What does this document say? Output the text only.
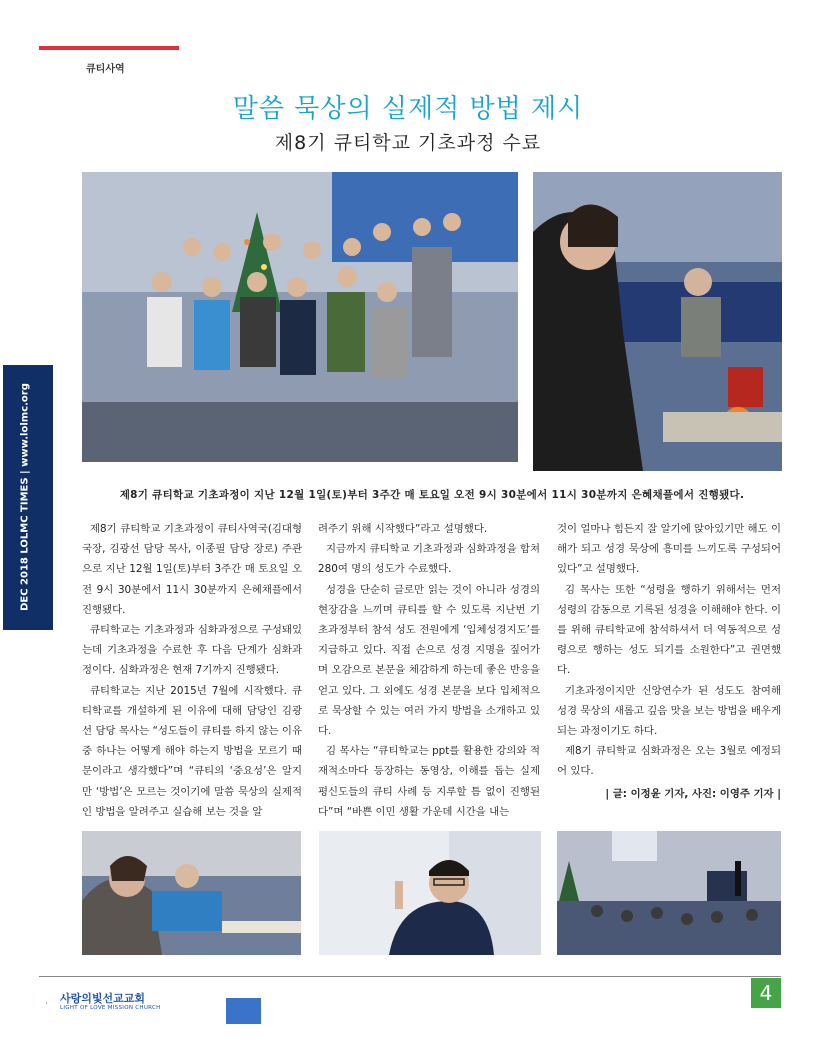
큐티사역
말씀 묵상의 실제적 방법 제시
제8기 큐티학교 기초과정 수료
제8기 큐티학교 기초과정이 지난 12월 1일(토)부터 3주간 매 토요일 오전 9시 30분에서 11시 30분까지 은혜채플에서 진행됐다.

제8기 큐티학교 기초과정이 큐티사역국(김대형 국장, 김광선 담당 목사, 이종필 담당 장로) 주관으로 지난 12월 1일(토)부터 3주간 매 토요일 오전 9시 30분에서 11시 30분까지 은혜채플에서 진행됐다.

큐티학교는 기초과정과 심화과정으로 구성돼있는데 기초과정을 수료한 후 다음 단계가 심화과정이다. 심화과정은 현재 7기까지 진행됐다.

큐티학교는 지난 2015년 7월에 시작했다. 큐티학교를 개설하게 된 이유에 대해 담당인 김광선 담당 목사는 “성도들이 큐티를 하지 않는 이유 중 하나는 어떻게 해야 하는지 방법을 모르기 때문이라고 생각했다”며 “큐티의 ‘중요성’은 알지만 ‘방법’은 모르는 것이기에 말씀 묵상의 실제적인 방법을 알려주고 실습해 보는 것을 알

려주기 위해 시작했다”라고 설명했다.

지금까지 큐티학교 기초과정과 심화과정을 합쳐 280여 명의 성도가 수료했다.

성경을 단순히 글로만 읽는 것이 아니라 성경의 현장감을 느끼며 큐티를 할 수 있도록 지난번 기초과정부터 참석 성도 전원에게 ‘입체성경지도’를 지급하고 있다. 직접 손으로 성경 지명을 짚어가며 오감으로 본문을 체감하게 하는데 좋은 반응을 얻고 있다. 그 외에도 성경 본문을 보다 입체적으로 묵상할 수 있는 여러 가지 방법을 소개하고 있다.

김 목사는 “큐티학교는 ppt를 활용한 강의와 적재적소마다 등장하는 동영상, 이해를 돕는 실제 평신도들의 큐티 사례 등 지루할 틈 없이 진행된다”며 “바쁜 이민 생활 가운데 시간을 내는

것이 얼마나 힘든지 잘 알기에 앉아있기만 해도 이해가 되고 성경 묵상에 흥미를 느끼도록 구성되어 있다”고 설명했다.

김 목사는 또한 “성령을 행하기 위해서는 먼저 성령의 감동으로 기록된 성경을 이해해야 한다. 이를 위해 큐티학교에 참석하셔서 더 역동적으로 성령으로 행하는 성도 되기를 소원한다”고 권면했다.

기초과정이지만 신앙연수가 된 성도도 참여해 성경 묵상의 새롭고 깊음 맛을 보는 방법을 배우게 되는 과정이기도 하다.

제8기 큐티학교 심화과정은 오는 3월로 예정되어 있다.

| 글: 이정윤 기자, 사진: 이영주 기자 |
DEC 2018 LOLMC TIMES | www.lolmc.org
사랑의빛선교교회
LIGHT OF LOVE MISSION CHURCH
4
